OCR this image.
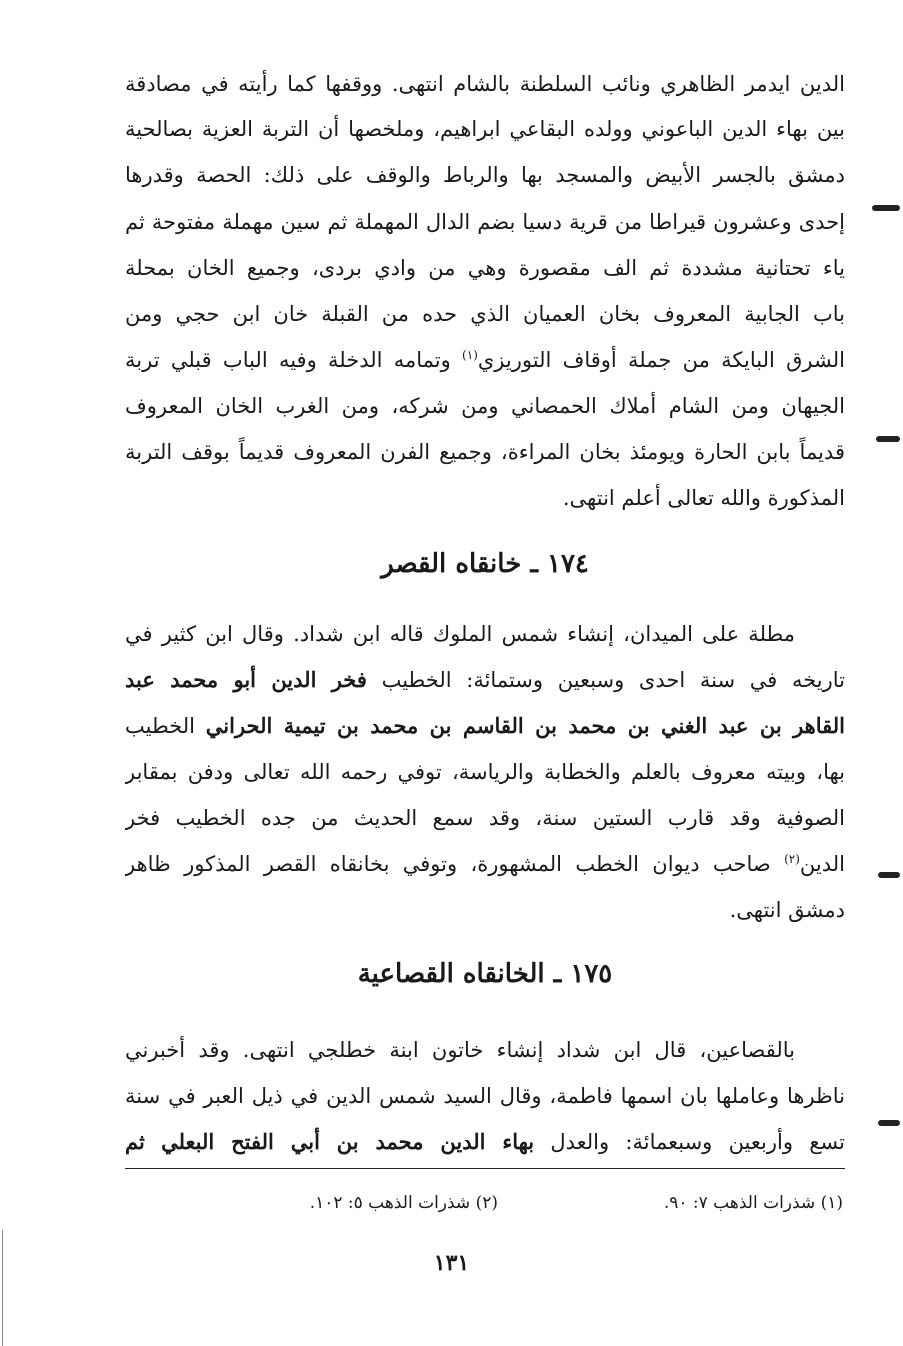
الدين ايدمر الظاهري ونائب السلطنة بالشام انتهى. ووقفها كما رأيته في مصادقة
بين بهاء الدين الباعوني وولده البقاعي ابراهيم، وملخصها أن التربة العزية بصالحية
دمشق بالجسر الأبيض والمسجد بها والرباط والوقف على ذلك: الحصة وقدرها
إحدى وعشرون قيراطا من قرية دسيا بضم الدال المهملة ثم سين مهملة مفتوحة ثم
ياء تحتانية مشددة ثم الف مقصورة وهي من وادي بردى، وجميع الخان بمحلة
باب الجابية المعروف بخان العميان الذي حده من القبلة خان ابن حجي ومن
الشرق البايكة من جملة أوقاف التوريزي$^{(١)}$ وتمامه الدخلة وفيه الباب قبلي تربة
الجيهان ومن الشام أملاك الحمصاني ومن شركه، ومن الغرب الخان المعروف
قديماً بابن الحارة ويومئذ بخان المراءة، وجميع الفرن المعروف قديماً بوقف التربة
المذكورة والله تعالى أعلم انتهى.
١٧٤ ـ خانقاه القصر
مطلة على الميدان، إنشاء شمس الملوك قاله ابن شداد. وقال ابن كثير في
تاريخه في سنة احدى وسبعين وستمائة: الخطيب فخر الدين أبو محمد عبد
القاهر بن عبد الغني بن محمد بن القاسم بن محمد بن تيمية الحراني الخطيب
بها، وبيته معروف بالعلم والخطابة والرياسة، توفي رحمه الله تعالى ودفن بمقابر
الصوفية وقد قارب الستين سنة، وقد سمع الحديث من جده الخطيب فخر
الدين$^{(٢)}$ صاحب ديوان الخطب المشهورة، وتوفي بخانقاه القصر المذكور ظاهر
دمشق انتهى.
١٧٥ ـ الخانقاه القصاعية
بالقصاعين، قال ابن شداد إنشاء خاتون ابنة خطلجي انتهى. وقد أخبرني
ناظرها وعاملها بان اسمها فاطمة، وقال السيد شمس الدين في ذيل العبر في سنة
تسع وأربعين وسبعمائة: والعدل بهاء الدين محمد بن أبي الفتح البعلي ثم
(١) شذرات الذهب ٧: ٩٠.
(٢) شذرات الذهب ٥: ١٠٢.
١٣١
